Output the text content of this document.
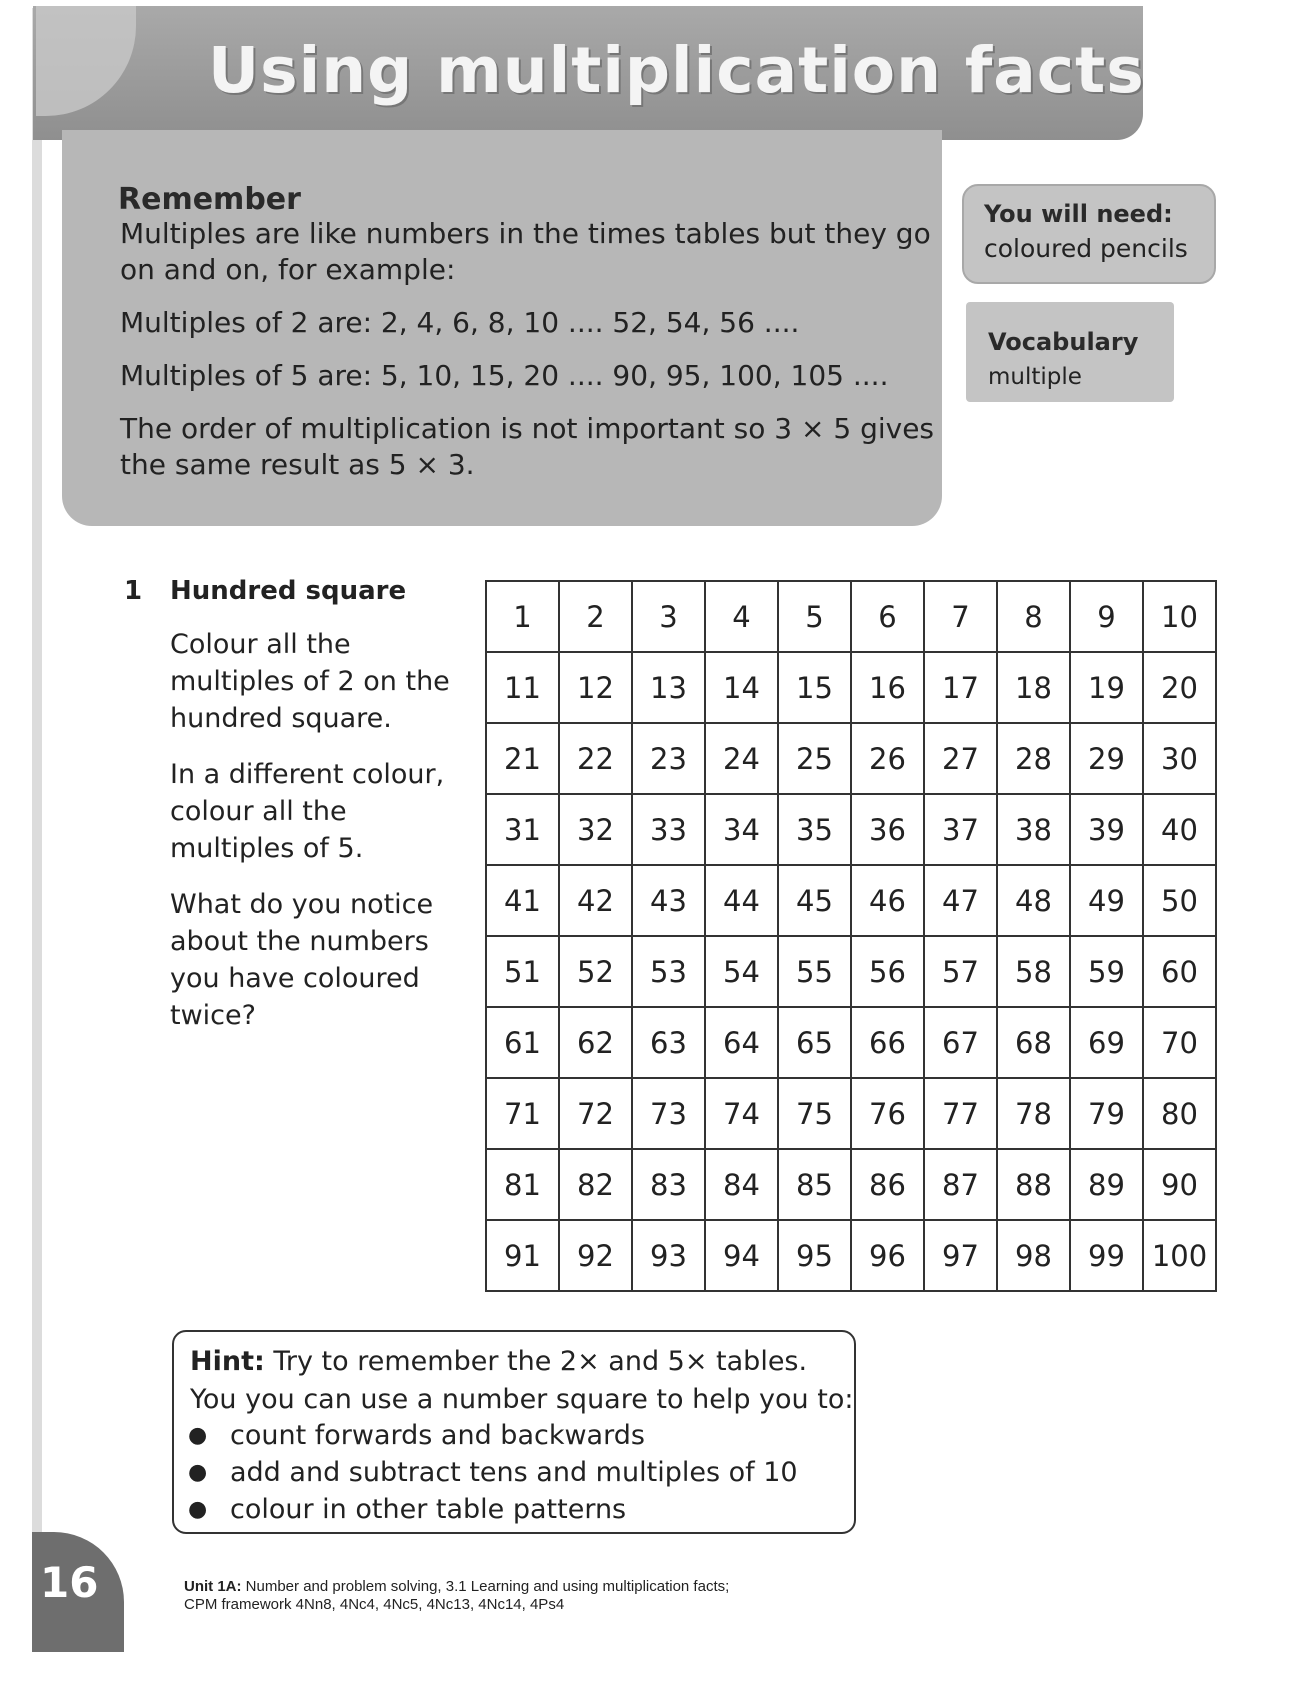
Using multiplication facts
Remember
Multiples are like numbers in the times tables but they go
on and on, for example:
Multiples of 2 are: 2, 4, 6, 8, 10 .... 52, 54, 56 ....
Multiples of 5 are: 5, 10, 15, 20 .... 90, 95, 100, 105 ....
The order of multiplication is not important so 3 × 5 gives
the same result as 5 × 3.
You will need:
coloured pencils
Vocabulary
multiple
1 Hundred square
Colour all the multiples of 2 on the hundred square.
In a different colour, colour all the multiples of 5.
What do you notice about the numbers you have coloured twice?
1	2	3	4	5	6	7	8	9	10
11	12	13	14	15	16	17	18	19	20
21	22	23	24	25	26	27	28	29	30
31	32	33	34	35	36	37	38	39	40
41	42	43	44	45	46	47	48	49	50
51	52	53	54	55	56	57	58	59	60
61	62	63	64	65	66	67	68	69	70
71	72	73	74	75	76	77	78	79	80
81	82	83	84	85	86	87	88	89	90
91	92	93	94	95	96	97	98	99	100
Hint: Try to remember the 2× and 5× tables.
You you can use a number square to help you to:
● count forwards and backwards
● add and subtract tens and multiples of 10
● colour in other table patterns
16	Unit 1A: Number and problem solving, 3.1 Learning and using multiplication facts;
CPM framework 4Nn8, 4Nc4, 4Nc5, 4Nc13, 4Nc14, 4Ps4
